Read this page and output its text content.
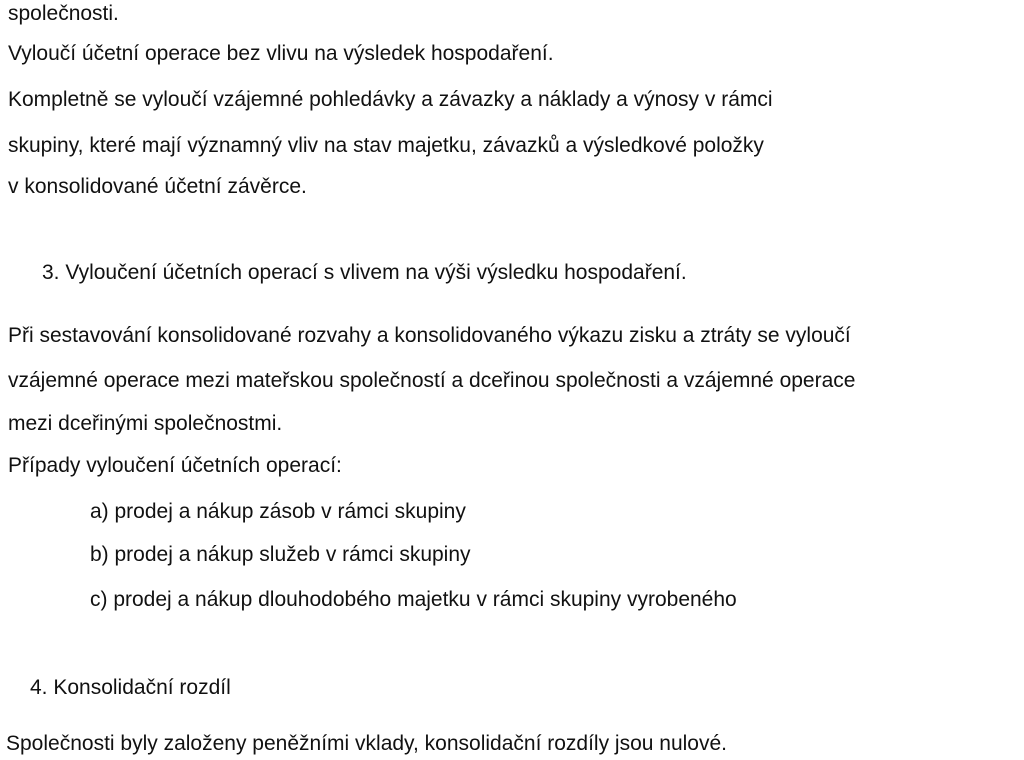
společnosti.
Vyloučí účetní operace bez vlivu na výsledek hospodaření.
Kompletně se vyloučí vzájemné pohledávky a závazky a náklady a výnosy v rámci
skupiny, které mají významný vliv na stav majetku, závazků a výsledkové položky
v konsolidované účetní závěrce.
3. Vyloučení účetních operací s vlivem na výši výsledku hospodaření.
Při sestavování konsolidované rozvahy a konsolidovaného výkazu zisku a ztráty se vyloučí
vzájemné operace mezi mateřskou společností a dceřinou společnosti a vzájemné operace
mezi dceřinými společnostmi.
Případy vyloučení účetních operací:
a) prodej a nákup zásob v rámci skupiny
b) prodej a nákup služeb v rámci skupiny
c) prodej a nákup dlouhodobého majetku v rámci skupiny vyrobeného
4. Konsolidační rozdíl
Společnosti byly založeny peněžními vklady, konsolidační rozdíly jsou nulové.
